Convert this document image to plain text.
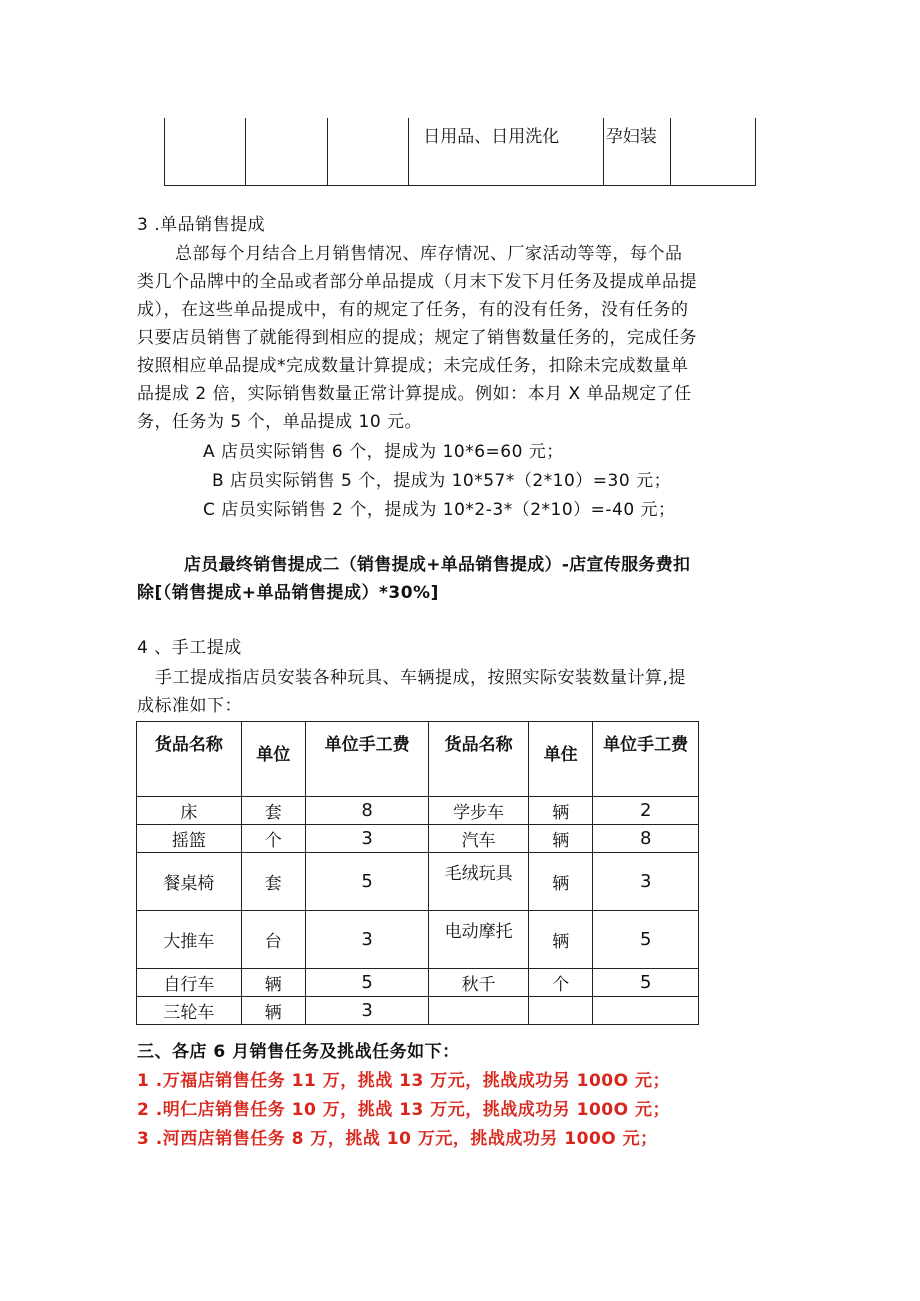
			日用品、日用洗化	孕妇装	
3 .单品销售提成
总部每个月结合上月销售情况、库存情况、厂家活动等等，每个品
类几个品牌中的全品或者部分单品提成（月末下发下月任务及提成单品提
成），在这些单品提成中，有的规定了任务，有的没有任务，没有任务的
只要店员销售了就能得到相应的提成；规定了销售数量任务的，完成任务
按照相应单品提成*完成数量计算提成；未完成任务，扣除未完成数量单
品提成 2 倍，实际销售数量正常计算提成。例如：本月 X 单品规定了任
务，任务为 5 个，单品提成 10 元。
A 店员实际销售 6 个，提成为 10*6=60 元；
B 店员实际销售 5 个，提成为 10*57*（2*10）=30 元；
C 店员实际销售 2 个，提成为 10*2-3*（2*10）=-40 元；
店员最终销售提成二（销售提成+单品销售提成）-店宣传服务费扣
除[（销售提成+单品销售提成）*30%]
4 、手工提成
手工提成指店员安装各种玩具、车辆提成，按照实际安装数量计算,提
成标准如下：
货品名称	单位	单位手工费	货品名称	单住	单位手工费
床	套	8	学步车	辆	2
摇篮	个	3	汽车	辆	8
餐桌椅	套	5	毛绒玩具	辆	3
大推车	台	3	电动摩托	辆	5
自行车	辆	5	秋千	个	5
三轮车	辆	3			
三、各店 6 月销售任务及挑战任务如下：
1 .万福店销售任务 11 万，挑战 13 万元，挑战成功另 100O 元；
2 .明仁店销售任务 10 万，挑战 13 万元，挑战成功另 100O 元；
3 .河西店销售任务 8 万，挑战 10 万元，挑战成功另 100O 元；
